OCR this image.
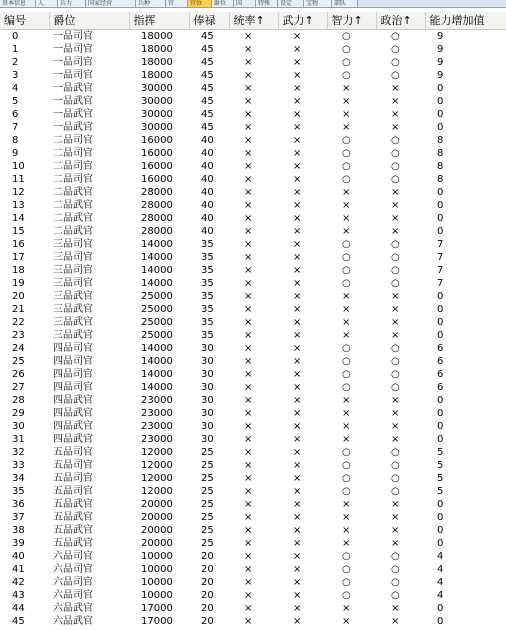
基本信息	人	兵力	国家经营	兵种	官	官位	爵位	国	特殊	设定	宝物	部队
编号	爵位	指挥	俸禄	统率↑	武力↑	智力↑	政治↑	能力增加值
0	一品司官	18000	45	×	×	○	○	9
1	一品司官	18000	45	×	×	○	○	9
2	一品司官	18000	45	×	×	○	○	9
3	一品司官	18000	45	×	×	○	○	9
4	一品武官	30000	45	×	×	×	×	0
5	一品武官	30000	45	×	×	×	×	0
6	一品武官	30000	45	×	×	×	×	0
7	一品武官	30000	45	×	×	×	×	0
8	二品司官	16000	40	×	×	○	○	8
9	二品司官	16000	40	×	×	○	○	8
10	二品司官	16000	40	×	×	○	○	8
11	二品司官	16000	40	×	×	○	○	8
12	二品武官	28000	40	×	×	×	×	0
13	二品武官	28000	40	×	×	×	×	0
14	二品武官	28000	40	×	×	×	×	0
15	二品武官	28000	40	×	×	×	×	0
16	三品司官	14000	35	×	×	○	○	7
17	三品司官	14000	35	×	×	○	○	7
18	三品司官	14000	35	×	×	○	○	7
19	三品司官	14000	35	×	×	○	○	7
20	三品武官	25000	35	×	×	×	×	0
21	三品武官	25000	35	×	×	×	×	0
22	三品武官	25000	35	×	×	×	×	0
23	三品武官	25000	35	×	×	×	×	0
24	四品司官	14000	30	×	×	○	○	6
25	四品司官	14000	30	×	×	○	○	6
26	四品司官	14000	30	×	×	○	○	6
27	四品司官	14000	30	×	×	○	○	6
28	四品武官	23000	30	×	×	×	×	0
29	四品武官	23000	30	×	×	×	×	0
30	四品武官	23000	30	×	×	×	×	0
31	四品武官	23000	30	×	×	×	×	0
32	五品司官	12000	25	×	×	○	○	5
33	五品司官	12000	25	×	×	○	○	5
34	五品司官	12000	25	×	×	○	○	5
35	五品司官	12000	25	×	×	○	○	5
36	五品武官	20000	25	×	×	×	×	0
37	五品武官	20000	25	×	×	×	×	0
38	五品武官	20000	25	×	×	×	×	0
39	五品武官	20000	25	×	×	×	×	0
40	六品司官	10000	20	×	×	○	○	4
41	六品司官	10000	20	×	×	○	○	4
42	六品司官	10000	20	×	×	○	○	4
43	六品司官	10000	20	×	×	○	○	4
44	六品武官	17000	20	×	×	×	×	0
45	六品武官	17000	20	×	×	×	×	0
